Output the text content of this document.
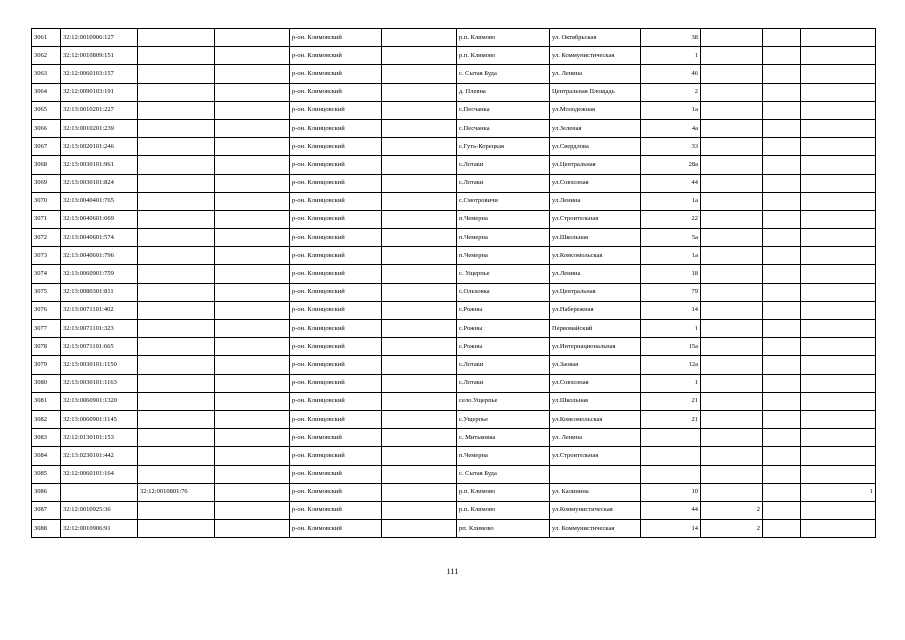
3061	32:12:0010906:127			р-он. Климовский		р.п. Климово	ул. Октябрьская	38			
3062	32:12:0010809:151			р-он. Климовский		р.п. Климово	ул. Коммунистическая	1			
3063	32:12:0060103:157			р-он. Климовский		с. Сытая Буда	ул. Ленина	46			
3064	32:12:0090103:191			р-он. Климовский		д. Плевна	Центральная Площадь	2			
3065	32:13:0010201:227			р-он. Клинцовский		с.Песчанка	ул.Молодежная	1а			
3066	32:13:0010201:239			р-он. Клинцовский		с.Песчанка	ул.Зеленая	4а			
3067	32:13:0020101:246			р-он. Клинцовский		с.Гуть-Корецкая	ул.Свердлова	33			
3068	32:13:0030101:961			р-он. Клинцовский		с.Лотаки	ул.Центральная	28а			
3069	32:13:0030101:824			р-он. Клинцовский		с.Лотаки	ул.Совхозная	44			
3070	32:13:0040401:765			р-он. Клинцовский		с.Смотровичи	ул.Ленина	1а			
3071	32:13:0040601:669			р-он. Клинцовский		п.Чемерна	ул.Строительная	22			
3072	32:13:0040601:574			р-он. Клинцовский		п.Чемерна	ул.Школьная	5а			
3073	32:13:0040601:796			р-он. Клинцовский		п.Чемерна	ул.Комсомольская	1а			
3074	32:13:0060901:759			р-он. Клинцовский		с. Ущерпье	ул.Ленина	18			
3075	32:13:0080301:811			р-он. Клинцовский		с.Ольховка	ул.Центральная	79			
3076	32:13:0071101:402			р-он. Клинцовский		с.Рожны	ул.Набережная	14			
3077	32:13:0071101:323			р-он. Клинцовский		с.Рожны	Первомайский	1			
3078	32:13:0071101:665			р-он. Клинцовский		с.Рожны	ул.Интернациональная	15а			
3079	32:13:0030101:1150			р-он. Клинцовский		с.Лотаки	ул.Заовая	12а			
3080	32:13:0030101:1163			р-он. Клинцовский		с.Лотаки	ул.Совхозная	1			
3081	32:13:0060901:1320			р-он. Клинцовский		село.Ущерпье	ул.Школьная	21			
3082	32:13:0060901:1145			р-он. Клинцовский		с.Ущерпье	ул.Комсомольская	21			
3083	32:12:0130101:153			р-он. Климовский		с. Митьковка	ул. Ленина				
3084	32:13:0230101:442			р-он. Клинцовский		п.Чемерна	ул.Строительная				
3085	32:12:0060101:164			р-он. Климовский		с. Сытая Буда					
3086		32:12:0010801:76		р-он. Климовский		р.п. Климово	ул. Калинина	10			1
3087	32:12:0010925:36			р-он. Климовский		р.п. Климово	ул.Коммунистическая	44	2		
3088	32:12:0010906:91			р-он. Климовский		рп. Климово	ул. Коммунистическая	14	2		
111
